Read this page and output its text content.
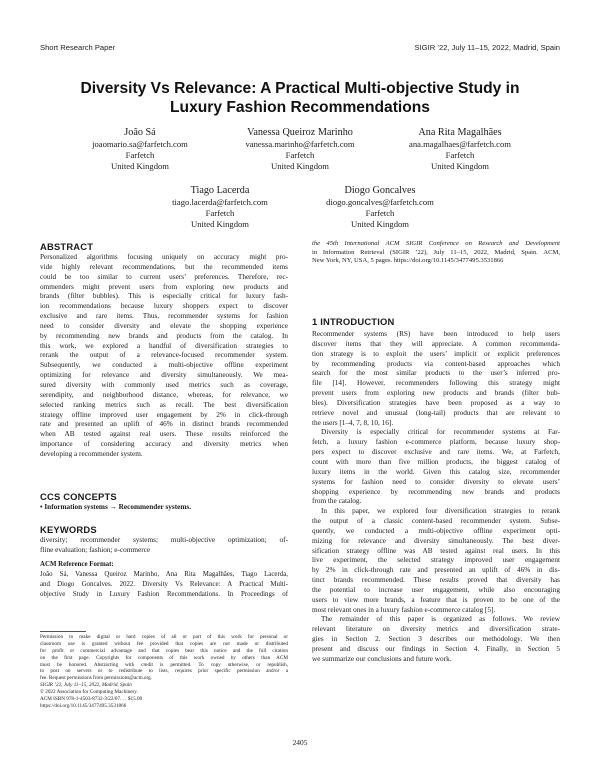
Short Research Paper	SIGIR ’22, July 11–15, 2022, Madrid, Spain
Diversity Vs Relevance: A Practical Multi-objective Study in
Luxury Fashion Recommendations
João Sá
joaomario.sa@farfetch.com
Farfetch
United Kingdom
Vanessa Queiroz Marinho
vanessa.marinho@farfetch.com
Farfetch
United Kingdom
Ana Rita Magalhães
ana.magalhaes@farfetch.com
Farfetch
United Kingdom
Tiago Lacerda
tiago.lacerda@farfetch.com
Farfetch
United Kingdom
Diogo Goncalves
diogo.goncalves@farfetch.com
Farfetch
United Kingdom
ABSTRACT
Personalized algorithms focusing uniquely on accuracy might pro-
vide highly relevant recommendations, but the recommended items
could be too similar to current users’ preferences. Therefore, rec-
ommenders might prevent users from exploring new products and
brands (filter bubbles). This is especially critical for luxury fash-
ion recommendations because luxury shoppers expect to discover
exclusive and rare items. Thus, recommender systems for fashion
need to consider diversity and elevate the shopping experience
by recommending new brands and products from the catalog. In
this work, we explored a handful of diversification strategies to
rerank the output of a relevance-focused recommender system.
Subsequently, we conducted a multi-objective offline experiment
optimizing for relevance and diversity simultaneously. We mea-
sured diversity with commonly used metrics such as coverage,
serendipity, and neighborhood distance, whereas, for relevance, we
selected ranking metrics such as recall. The best diversification
strategy offline improved user engagement by 2% in click-through
rate and presented an uplift of 46% in distinct brands recommended
when AB tested against real users. These results reinforced the
importance of considering accuracy and diversity metrics when
developing a recommender system.
CCS CONCEPTS
• Information systems → Recommender systems.
KEYWORDS
diversity; recommender systems; multi-objective optimization; of-
fline evaluation; fashion; e-commerce
ACM Reference Format:
João Sá, Vanessa Queiroz Marinho, Ana Rita Magalhães, Tiago Lacerda,
and Diogo Goncalves. 2022. Diversity Vs Relevance: A Practical Multi-
objective Study in Luxury Fashion Recommendations. In Proceedings of
Permission to make digital or hard copies of all or part of this work for personal or
classroom use is granted without fee provided that copies are not made or distributed
for profit or commercial advantage and that copies bear this notice and the full citation
on the first page. Copyrights for components of this work owned by others than ACM
must be honored. Abstracting with credit is permitted. To copy otherwise, or republish,
to post on servers or to redistribute to lists, requires prior specific permission and/or a
fee. Request permissions from permissions@acm.org.
SIGIR ’22, July 11–15, 2022, Madrid, Spain
© 2022 Association for Computing Machinery.
ACM ISBN 978-1-4503-8732-3/22/07. . . $15.00
https://doi.org/10.1145/3477495.3531866
the 45th International ACM SIGIR Conference on Research and Development
in Information Retrieval (SIGIR ’22), July 11–15, 2022, Madrid, Spain. ACM,
New York, NY, USA, 5 pages. https://doi.org/10.1145/3477495.3531866
1 INTRODUCTION
Recommender systems (RS) have been introduced to help users
discover items that they will appreciate. A common recommenda-
tion strategy is to exploit the users’ implicit or explicit preferences
by recommending products via content-based approaches which
search for the most similar products to the user’s inferred pro-
file [14]. However, recommenders following this strategy might
prevent users from exploring new products and brands (filter bub-
bles). Diversification strategies have been proposed as a way to
retrieve novel and unusual (long-tail) products that are relevant to
the users [1–4, 7, 8, 10, 16].
Diversity is especially critical for recommender systems at Far-
fetch, a luxury fashion e-commerce platform, because luxury shop-
pers expect to discover exclusive and rare items. We, at Farfetch,
count with more than five million products, the biggest catalog of
luxury items in the world. Given this catalog size, recommender
systems for fashion need to consider diversity to elevate users’
shopping experience by recommending new brands and products
from the catalog.
In this paper, we explored four diversification strategies to rerank
the output of a classic content-based recommender system. Subse-
quently, we conducted a multi-objective offline experiment opti-
mizing for relevance and diversity simultaneously. The best diver-
sification strategy offline was AB tested against real users. In this
live experiment, the selected strategy improved user engagement
by 2% in click-through rate and presented an uplift of 46% in dis-
tinct brands recommended. These results proved that diversity has
the potential to increase user engagement, while also encouraging
users to view more brands, a feature that is proven to be one of the
most relevant ones in a luxury fashion e-commerce catalog [5].
The remainder of this paper is organized as follows. We review
relevant literature on diversity metrics and diversification strate-
gies in Section 2. Section 3 describes our methodology. We then
present and discuss our findings in Section 4. Finally, in Section 5
we summarize our conclusions and future work.
2405
